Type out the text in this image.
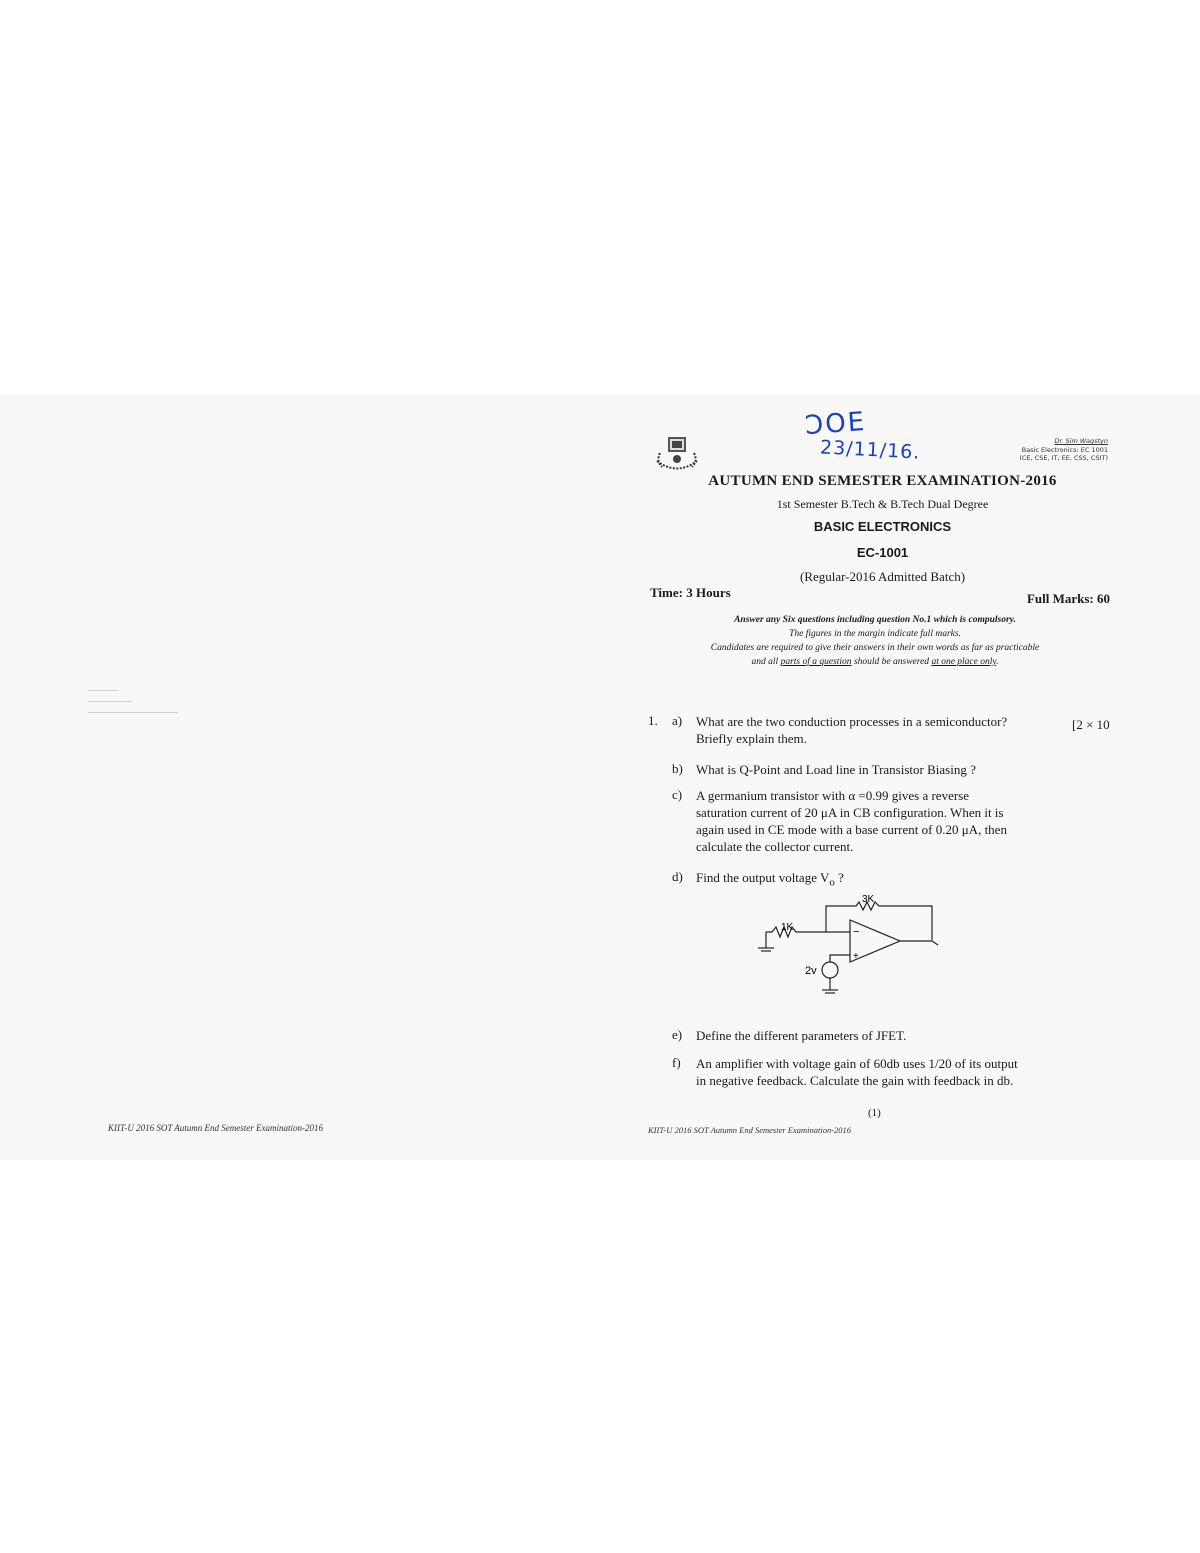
KIIT-U 2016 SOT Autumn End Semester Examination-2016
ƆOE
23/11/16.	Dr. Sim Wagstyn
Basic Electronics: EC 1001
(CE, CSE, IT, EE, CSS, CSIT)
AUTUMN END SEMESTER EXAMINATION-2016
1st Semester B.Tech & B.Tech Dual Degree
BASIC ELECTRONICS
EC-1001
(Regular-2016 Admitted Batch)
Time: 3 Hours	Full Marks: 60
Answer any Six questions including question No.1 which is compulsory.
The figures in the margin indicate full marks.
Candidates are required to give their answers in their own words as far as practicable
and all parts of a question should be answered at one place only.
1.	[2 × 10
a) What are the two conduction processes in a semiconductor?
Briefly explain them.
b) What is Q-Point and Load line in Transistor Biasing ?
c) A germanium transistor with α =0.99 gives a reverse
saturation current of 20 μA in CB configuration. When it is
again used in CE mode with a base current of 0.20 μA, then
calculate the collector current.
d) Find the output voltage $V_o$ ?
3K
1K	−
+
2v
e) Define the different parameters of JFET.
f) An amplifier with voltage gain of 60db uses 1/20 of its output
in negative feedback. Calculate the gain with feedback in db.
(1)
KIIT-U 2016 SOT Autumn End Semester Examination-2016
